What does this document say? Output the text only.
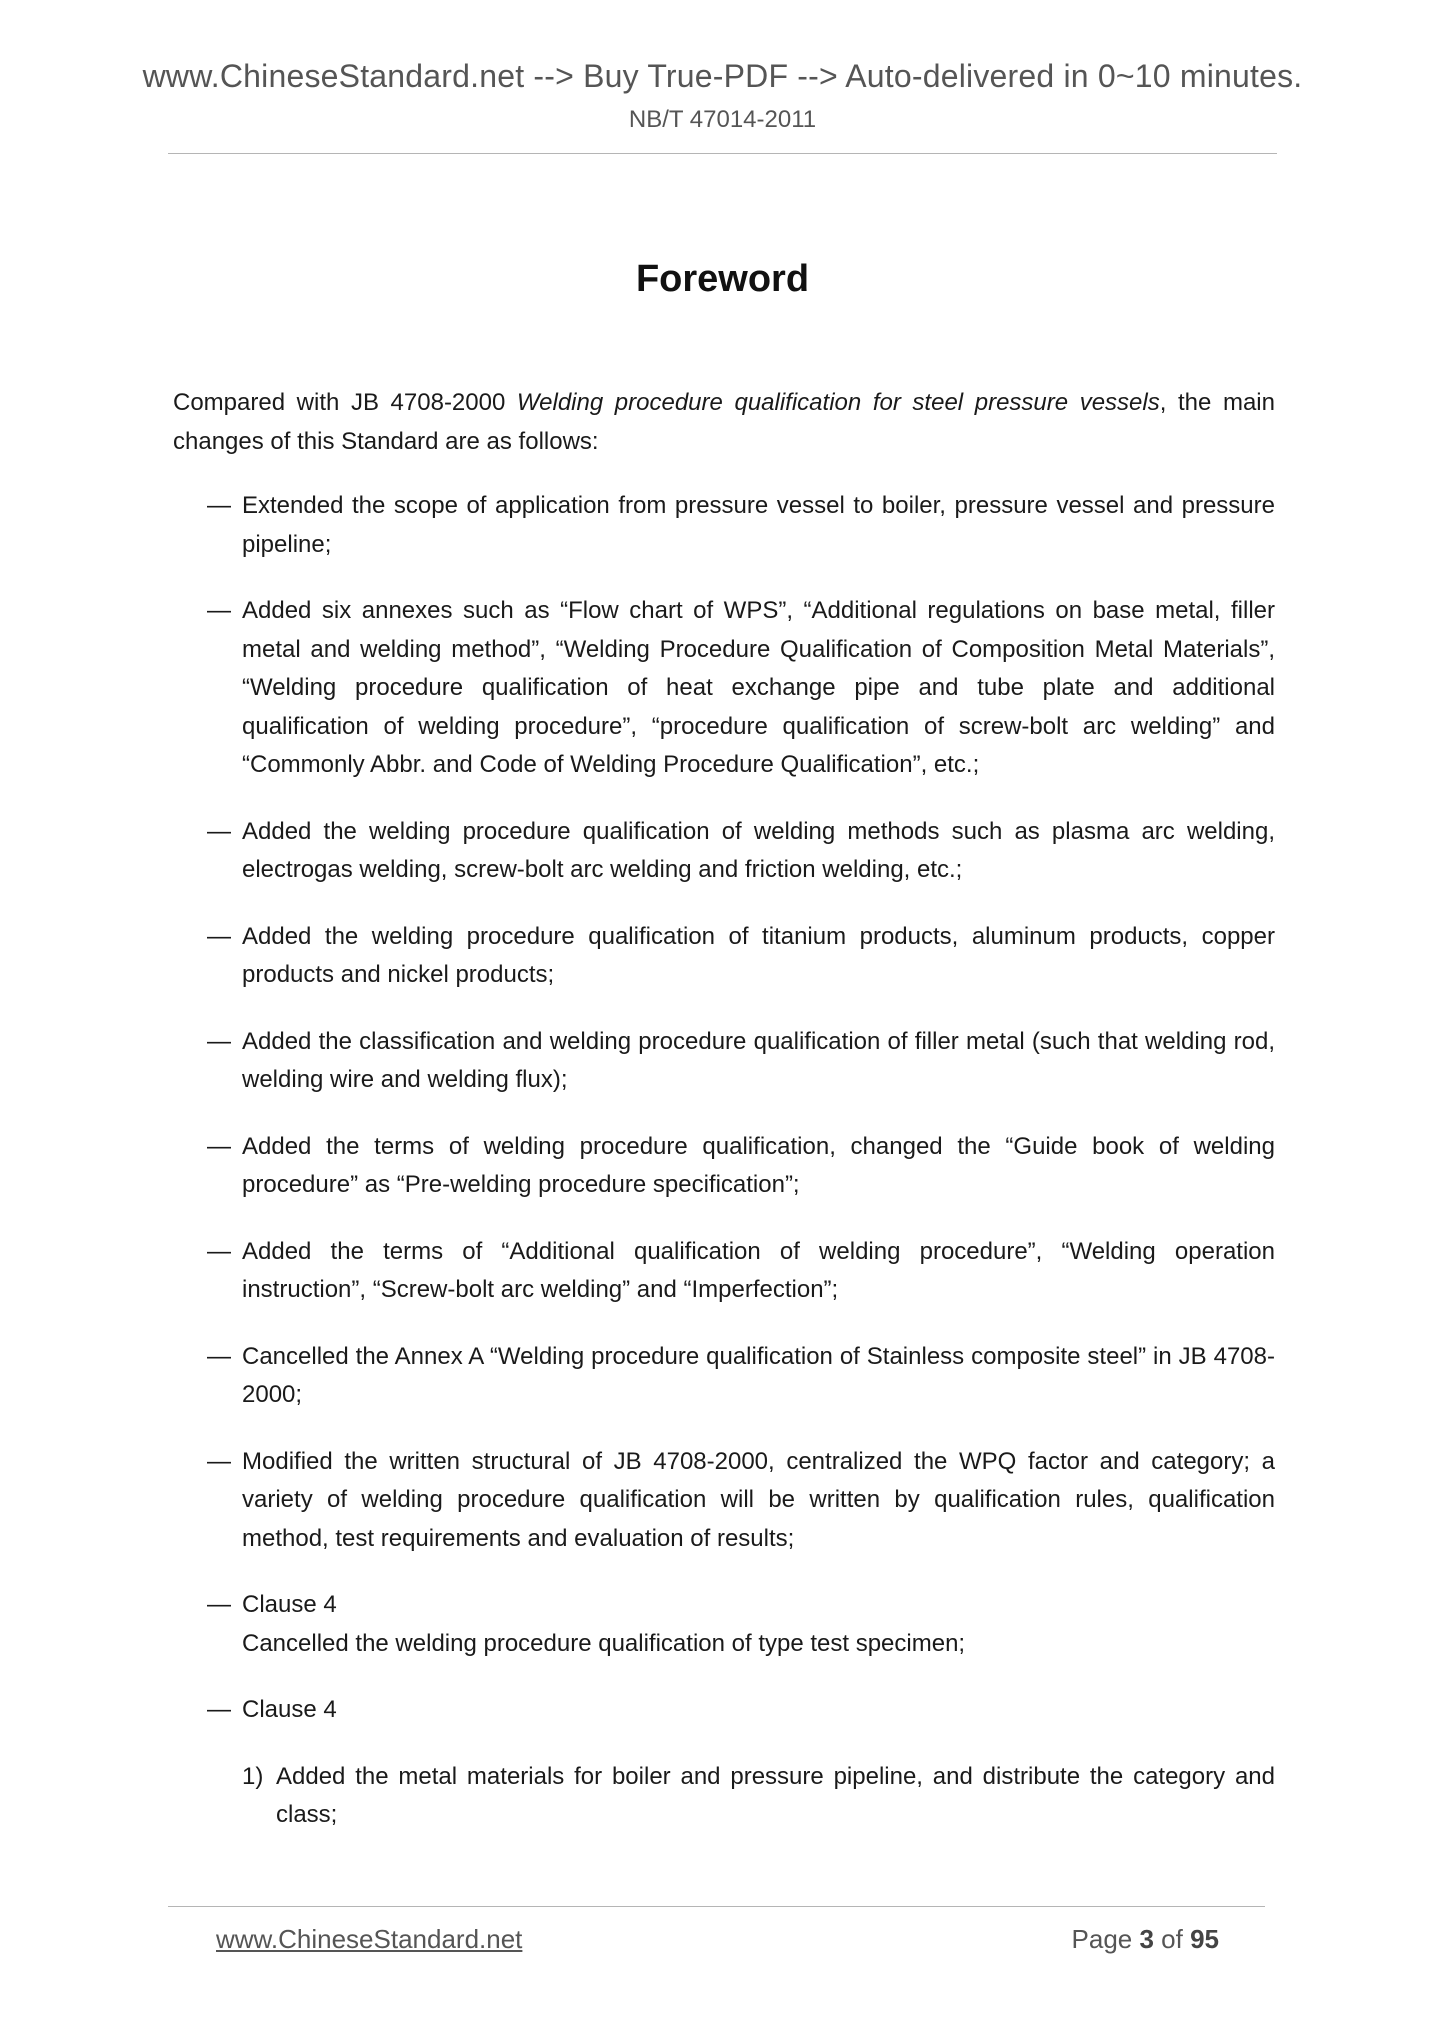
www.ChineseStandard.net --> Buy True-PDF --> Auto-delivered in 0~10 minutes.
NB/T 47014-2011
Foreword

Compared with JB 4708-2000 Welding procedure qualification for steel pressure vessels, the main changes of this Standard are as follows:

— Extended the scope of application from pressure vessel to boiler, pressure vessel and pressure pipeline;
— Added six annexes such as “Flow chart of WPS”, “Additional regulations on base metal, filler metal and welding method”, “Welding Procedure Qualification of Composition Metal Materials”, “Welding procedure qualification of heat exchange pipe and tube plate and additional qualification of welding procedure”, “procedure qualification of screw-bolt arc welding” and “Commonly Abbr. and Code of Welding Procedure Qualification”, etc.;
— Added the welding procedure qualification of welding methods such as plasma arc welding, electrogas welding, screw-bolt arc welding and friction welding, etc.;
— Added the welding procedure qualification of titanium products, aluminum products, copper products and nickel products;
— Added the classification and welding procedure qualification of filler metal (such that welding rod, welding wire and welding flux);
— Added the terms of welding procedure qualification, changed the “Guide book of welding procedure” as “Pre-welding procedure specification”;
— Added the terms of “Additional qualification of welding procedure”, “Welding operation instruction”, “Screw-bolt arc welding” and “Imperfection”;
— Cancelled the Annex A “Welding procedure qualification of Stainless composite steel” in JB 4708-2000;
— Modified the written structural of JB 4708-2000, centralized the WPQ factor and category; a variety of welding procedure qualification will be written by qualification rules, qualification method, test requirements and evaluation of results;
— Clause 4
Cancelled the welding procedure qualification of type test specimen;
— Clause 4
1) Added the metal materials for boiler and pressure pipeline, and distribute the category and class;
www.ChineseStandard.net	Page 3 of 95
